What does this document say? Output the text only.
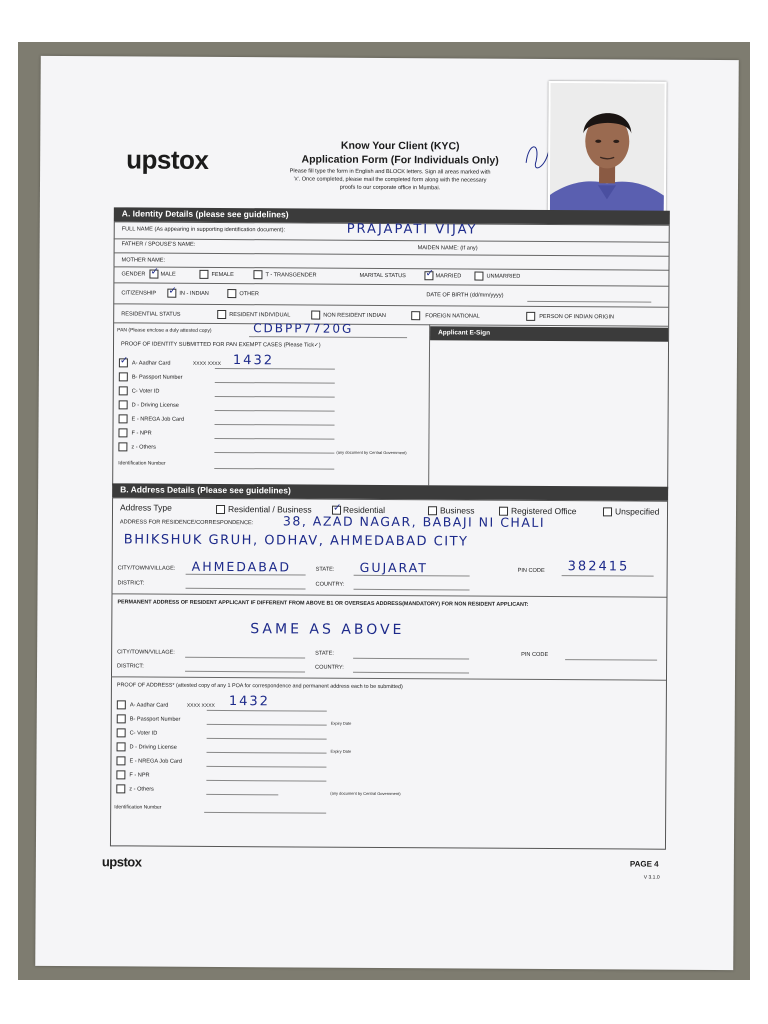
upstox	Know Your Client (KYC)
Application Form (For Individuals Only)
Please fill type the form in English and BLOCK letters. Sign all areas marked with
'x'. Once completed, please mail the completed form along with the necessary
proofs to our corporate office in Mumbai.
A. Identity Details (please see guidelines)
FULL NAME (As appearing in supporting identification document):	PRAJAPATI VIJAY
FATHER / SPOUSE'S NAME:
MAIDEN NAME: (If any)
MOTHER NAME:
GENDER ✓	MALE	FEMALE	T - TRANSGENDER	MARITAL STATUS ✓	MARRIED	UNMARRIED
CITIZENSHIP ✓	IN - INDIAN	OTHER	DATE OF BIRTH (dd/mm/yyyy)
RESIDENTIAL STATUS	RESIDENT INDIVIDUAL	NON RESIDENT INDIAN	FOREIGN NATIONAL	PERSON OF INDIAN ORIGIN
PAN (Please enclose a duly attested copy)	CDBPP7720G	Applicant E-Sign
PROOF OF IDENTITY SUBMITTED FOR PAN EXEMPT CASES (Please Tick✓)
✓
A- Aadhar Card	XXXX XXXX 1432
B- Passport Number
C- Voter ID
D - Driving License
E - NREGA Job Card
F - NPR
z - Others
(any document by Central Government)
Identification Number
B. Address Details (Please see guidelines)
Address Type	Residential / Business ✓	Residential	Business	Registered Office	Unspecified
ADDRESS FOR RESIDENCE/CORRESPONDENCE: 38, AZAD NAGAR, BABAJI NI CHALI
BHIKSHUK GRUH, ODHAV, AHMEDABAD CITY
CITY/TOWN/VILLAGE: AHMEDABAD	STATE: GUJARAT	PIN CODE 382415
DISTRICT:	COUNTRY:
PERMANENT ADDRESS OF RESIDENT APPLICANT IF DIFFERENT FROM ABOVE B1 OR OVERSEAS ADDRESS(MANDATORY) FOR NON RESIDENT APPLICANT:
SAME AS ABOVE
CITY/TOWN/VILLAGE:	STATE:	PIN CODE
DISTRICT:	COUNTRY:
PROOF OF ADDRESS* (attested copy of any 1 POA for correspondence and permanent address each to be submitted)
A- Aadhar Card	XXXX XXXX 1432
B- Passport Number
Expiry Date
C- Voter ID
D - Driving License
Expiry Date
E - NREGA Job Card
F - NPR
z - Others
(any document by Central Government)
Identification Number
upstox	PAGE 4
V 3.1.0
